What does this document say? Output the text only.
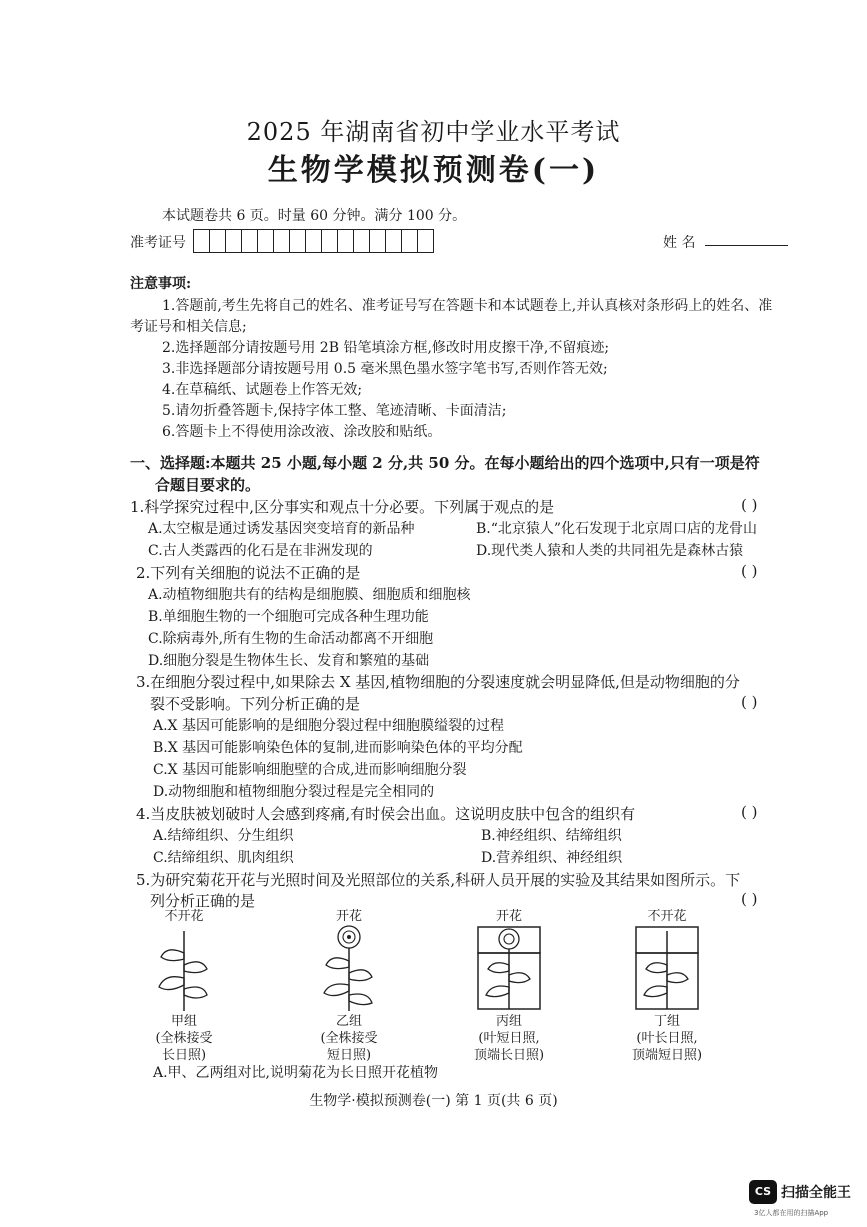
2025 年湖南省初中学业水平考试
生物学模拟预测卷(一)
本试题卷共 6 页。时量 60 分钟。满分 100 分。
准考证号	姓 名
注意事项:
1.答题前,考生先将自己的姓名、准考证号写在答题卡和本试题卷上,并认真核对条形码上的姓名、准
考证号和相关信息;
2.选择题部分请按题号用 2B 铅笔填涂方框,修改时用皮擦干净,不留痕迹;
3.非选择题部分请按题号用 0.5 毫米黑色墨水签字笔书写,否则作答无效;
4.在草稿纸、试题卷上作答无效;
5.请勿折叠答题卡,保持字体工整、笔迹清晰、卡面清洁;
6.答题卡上不得使用涂改液、涂改胶和贴纸。
一、选择题:本题共 25 小题,每小题 2 分,共 50 分。在每小题给出的四个选项中,只有一项是符
合题目要求的。
1.科学探究过程中,区分事实和观点十分必要。下列属于观点的是	( )
A.太空椒是通过诱发基因突变培育的新品种	B.“北京猿人”化石发现于北京周口店的龙骨山
C.古人类露西的化石是在非洲发现的	D.现代类人猿和人类的共同祖先是森林古猿
2.下列有关细胞的说法不正确的是	( )
A.动植物细胞共有的结构是细胞膜、细胞质和细胞核
B.单细胞生物的一个细胞可完成各种生理功能
C.除病毒外,所有生物的生命活动都离不开细胞
D.细胞分裂是生物体生长、发育和繁殖的基础
3.在细胞分裂过程中,如果除去 X 基因,植物细胞的分裂速度就会明显降低,但是动物细胞的分
裂不受影响。下列分析正确的是	( )
A.X 基因可能影响的是细胞分裂过程中细胞膜缢裂的过程
B.X 基因可能影响染色体的复制,进而影响染色体的平均分配
C.X 基因可能影响细胞壁的合成,进而影响细胞分裂
D.动物细胞和植物细胞分裂过程是完全相同的
4.当皮肤被划破时人会感到疼痛,有时侯会出血。这说明皮肤中包含的组织有	( )
A.结缔组织、分生组织	B.神经组织、结缔组织
C.结缔组织、肌肉组织	D.营养组织、神经组织
5.为研究菊花开花与光照时间及光照部位的关系,科研人员开展的实验及其结果如图所示。下
列分析正确的是	( )
不开花
甲组
(全株接受
长日照)
开花
乙组
(全株接受
短日照)
开花
丙组
(叶短日照,
顶端长日照)
不开花
丁组
(叶长日照,
顶端短日照)
A.甲、乙两组对比,说明菊花为长日照开花植物
生物学·模拟预测卷(一) 第 1 页(共 6 页)
CS 扫描全能王
3亿人都在用的扫描App
